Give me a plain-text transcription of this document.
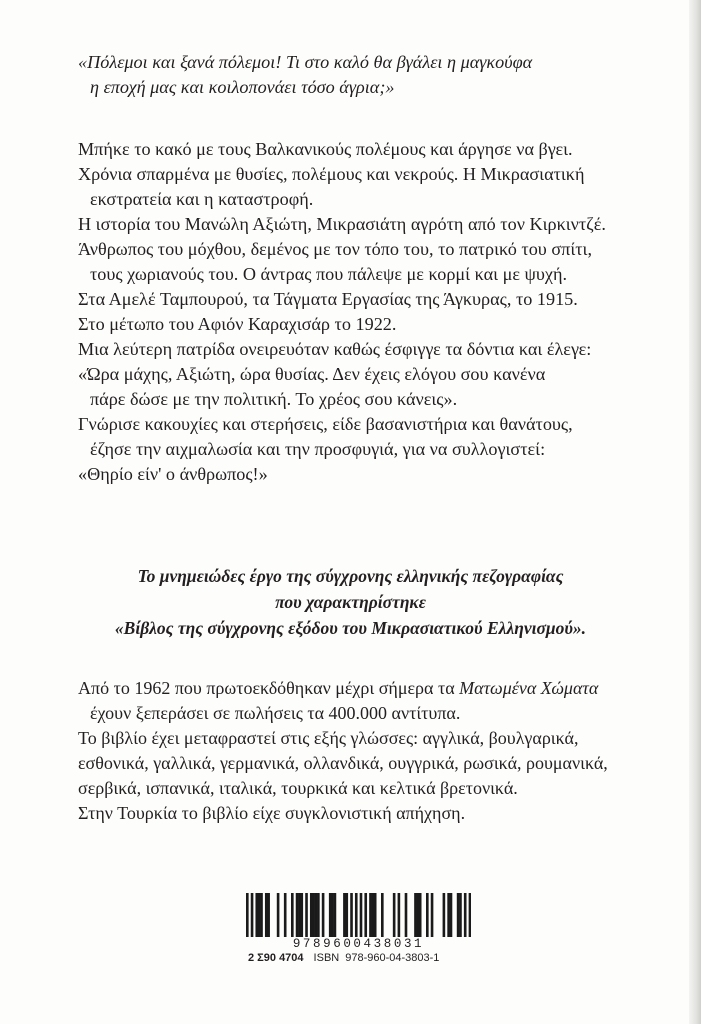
«Πόλεμοι και ξανά πόλεμοι! Τι στο καλό θα βγάλει η μαγκούφα
η εποχή μας και κοιλοπονάει τόσο άγρια;»
Μπήκε το κακό με τους Βαλκανικούς πολέμους και άργησε να βγει.
Χρόνια σπαρμένα με θυσίες, πολέμους και νεκρούς. Η Μικρασιατική
εκστρατεία και η καταστροφή.
Η ιστορία του Μανώλη Αξιώτη, Μικρασιάτη αγρότη από τον Κιρκιντζέ.
Άνθρωπος του μόχθου, δεμένος με τον τόπο του, το πατρικό του σπίτι,
τους χωριανούς του. Ο άντρας που πάλεψε με κορμί και με ψυχή.
Στα Αμελέ Ταμπουρού, τα Τάγματα Εργασίας της Άγκυρας, το 1915.
Στο μέτωπο του Αφιόν Καραχισάρ το 1922.
Μια λεύτερη πατρίδα ονειρευόταν καθώς έσφιγγε τα δόντια και έλεγε:
«Ώρα μάχης, Αξιώτη, ώρα θυσίας. Δεν έχεις ελόγου σου κανένα
πάρε δώσε με την πολιτική. Το χρέος σου κάνεις».
Γνώρισε κακουχίες και στερήσεις, είδε βασανιστήρια και θανάτους,
έζησε την αιχμαλωσία και την προσφυγιά, για να συλλογιστεί:
«Θηρίο είν' ο άνθρωπος!»
Το μνημειώδες έργο της σύγχρονης ελληνικής πεζογραφίας
που χαρακτηρίστηκε
«Βίβλος της σύγχρονης εξόδου του Μικρασιατικού Ελληνισμού».
Από το 1962 που πρωτοεκδόθηκαν μέχρι σήμερα τα Ματωμένα Χώματα
έχουν ξεπεράσει σε πωλήσεις τα 400.000 αντίτυπα.
Το βιβλίο έχει μεταφραστεί στις εξής γλώσσες: αγγλικά, βουλγαρικά,
εσθονικά, γαλλικά, γερμανικά, ολλανδικά, ουγγρικά, ρωσικά, ρουμανικά,
σερβικά, ισπανικά, ιταλικά, τουρκικά και κελτικά βρετονικά.
Στην Τουρκία το βιβλίο είχε συγκλονιστική απήχηση.
9789600438031
2 Σ90 4704 ISBN 978-960-04-3803-1
